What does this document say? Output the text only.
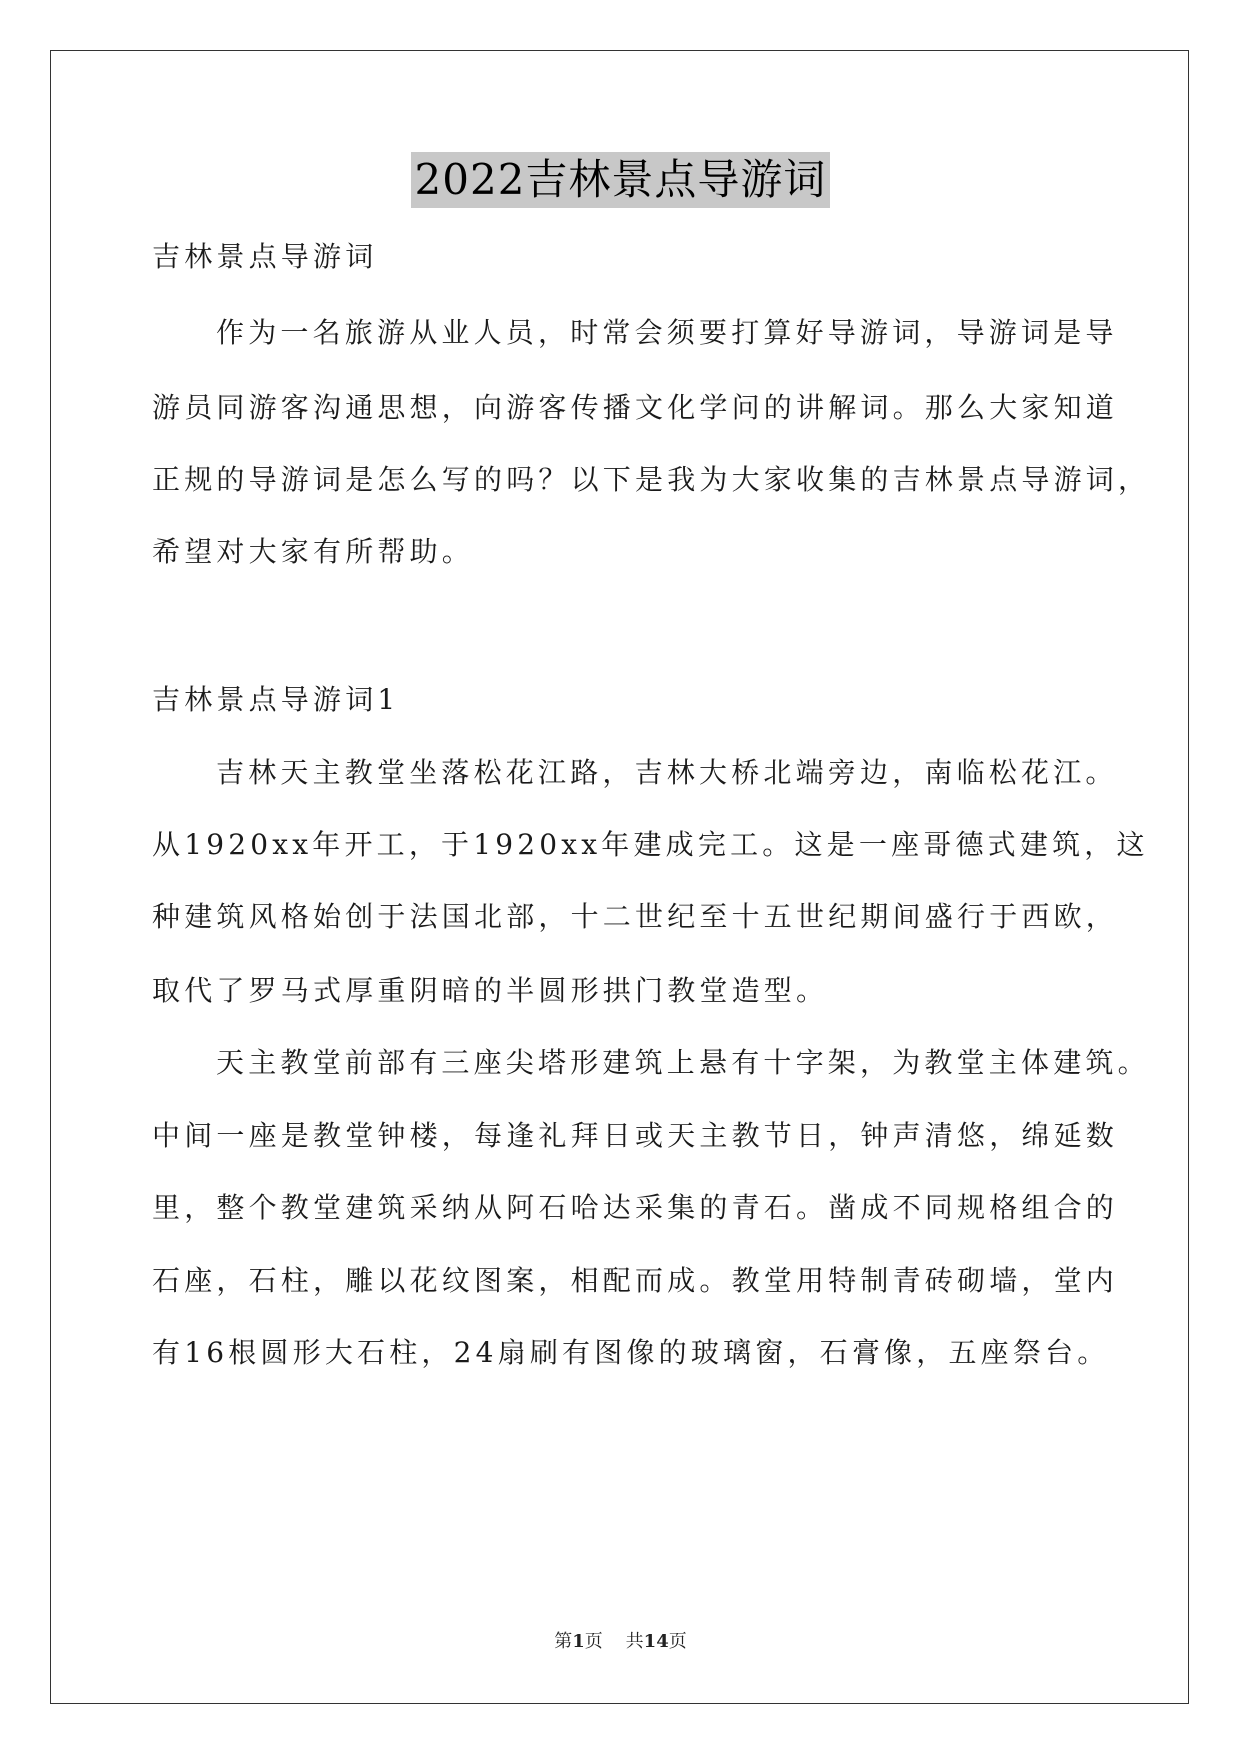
2022吉林景点导游词
吉林景点导游词
作为一名旅游从业人员，时常会须要打算好导游词，导游词是导
游员同游客沟通思想，向游客传播文化学问的讲解词。那么大家知道
正规的导游词是怎么写的吗？以下是我为大家收集的吉林景点导游词，
希望对大家有所帮助。
吉林景点导游词1
吉林天主教堂坐落松花江路，吉林大桥北端旁边，南临松花江。
从1920xx年开工，于1920xx年建成完工。这是一座哥德式建筑，这
种建筑风格始创于法国北部，十二世纪至十五世纪期间盛行于西欧，
取代了罗马式厚重阴暗的半圆形拱门教堂造型。
天主教堂前部有三座尖塔形建筑上悬有十字架，为教堂主体建筑。
中间一座是教堂钟楼，每逢礼拜日或天主教节日，钟声清悠，绵延数
里，整个教堂建筑采纳从阿石哈达采集的青石。凿成不同规格组合的
石座，石柱，雕以花纹图案，相配而成。教堂用特制青砖砌墙，堂内
有16根圆形大石柱，24扇刷有图像的玻璃窗，石膏像，五座祭台。
第1页 共14页
